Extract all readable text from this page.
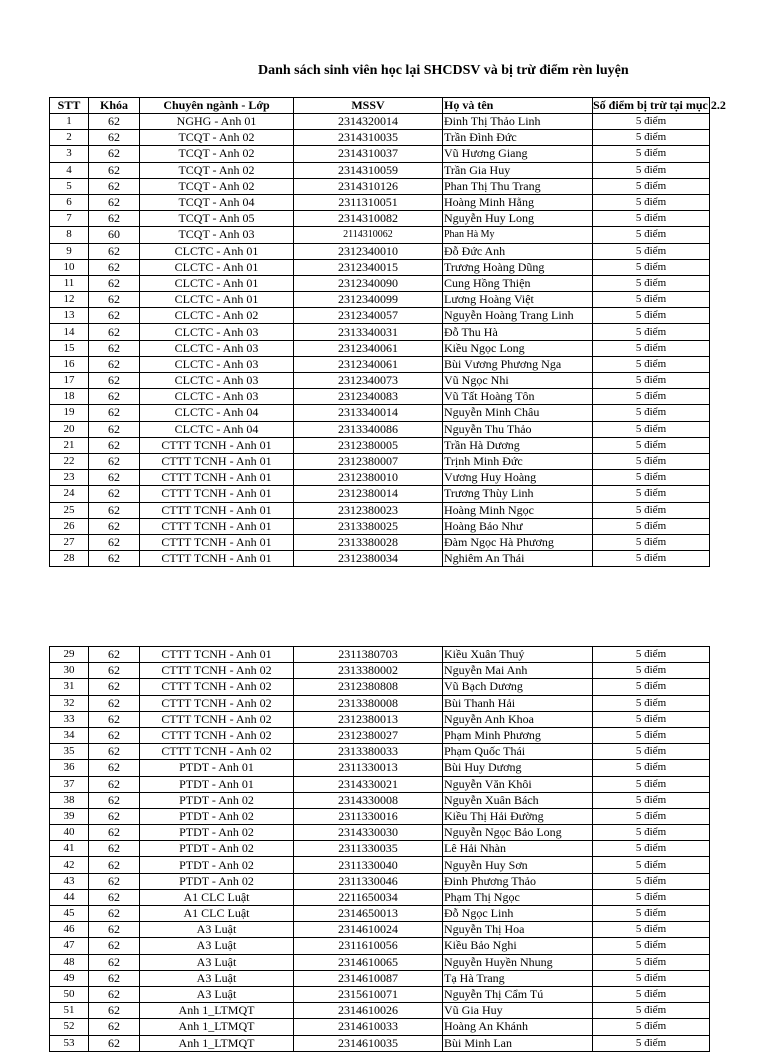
Danh sách sinh viên học lại SHCDSV và bị trừ điểm rèn luyện
STT	Khóa	Chuyên ngành - Lớp	MSSV	Họ và tên	Số điểm bị trừ tại mục 2.2
1	62	NGHG - Anh 01	2314320014	Đinh Thị Thảo Linh	5 điểm
2	62	TCQT - Anh 02	2314310035	Trần Đình Đức	5 điểm
3	62	TCQT - Anh 02	2314310037	Vũ Hương Giang	5 điểm
4	62	TCQT - Anh 02	2314310059	Trần Gia Huy	5 điểm
5	62	TCQT - Anh 02	2314310126	Phan Thị Thu Trang	5 điểm
6	62	TCQT - Anh 04	2311310051	Hoàng Minh Hằng	5 điểm
7	62	TCQT - Anh 05	2314310082	Nguyễn Huy Long	5 điểm
8	60	TCQT - Anh 03	2114310062	Phan Hà My	5 điểm
9	62	CLCTC - Anh 01	2312340010	Đỗ Đức Anh	5 điểm
10	62	CLCTC - Anh 01	2312340015	Trương Hoàng Dũng	5 điểm
11	62	CLCTC - Anh 01	2312340090	Cung Hồng Thiện	5 điểm
12	62	CLCTC - Anh 01	2312340099	Lương Hoàng Việt	5 điểm
13	62	CLCTC - Anh 02	2312340057	Nguyễn Hoàng Trang Linh	5 điểm
14	62	CLCTC - Anh 03	2313340031	Đỗ Thu Hà	5 điểm
15	62	CLCTC - Anh 03	2312340061	Kiều Ngọc Long	5 điểm
16	62	CLCTC - Anh 03	2312340061	Bùi Vương Phương Nga	5 điểm
17	62	CLCTC - Anh 03	2312340073	Vũ Ngọc Nhi	5 điểm
18	62	CLCTC - Anh 03	2312340083	Vũ Tất Hoàng Tôn	5 điểm
19	62	CLCTC - Anh 04	2313340014	Nguyễn Minh Châu	5 điểm
20	62	CLCTC - Anh 04	2313340086	Nguyễn Thu Thảo	5 điểm
21	62	CTTT TCNH - Anh 01	2312380005	Trần Hà Dương	5 điểm
22	62	CTTT TCNH - Anh 01	2312380007	Trịnh Minh Đức	5 điểm
23	62	CTTT TCNH - Anh 01	2312380010	Vương Huy Hoàng	5 điểm
24	62	CTTT TCNH - Anh 01	2312380014	Trương Thùy Linh	5 điểm
25	62	CTTT TCNH - Anh 01	2312380023	Hoàng Minh Ngọc	5 điểm
26	62	CTTT TCNH - Anh 01	2313380025	Hoàng Bảo Như	5 điểm
27	62	CTTT TCNH - Anh 01	2313380028	Đàm Ngọc Hà Phương	5 điểm
28	62	CTTT TCNH - Anh 01	2312380034	Nghiêm An Thái	5 điểm
29	62	CTTT TCNH - Anh 01	2311380703	Kiều Xuân Thuý	5 điểm
30	62	CTTT TCNH - Anh 02	2313380002	Nguyễn Mai Anh	5 điểm
31	62	CTTT TCNH - Anh 02	2312380808	Vũ Bạch Dương	5 điểm
32	62	CTTT TCNH - Anh 02	2313380008	Bùi Thanh Hải	5 điểm
33	62	CTTT TCNH - Anh 02	2312380013	Nguyễn Anh Khoa	5 điểm
34	62	CTTT TCNH - Anh 02	2312380027	Phạm Minh Phương	5 điểm
35	62	CTTT TCNH - Anh 02	2313380033	Phạm Quốc Thái	5 điểm
36	62	PTDT - Anh 01	2311330013	Bùi Huy Dương	5 điểm
37	62	PTDT - Anh 01	2314330021	Nguyễn Văn Khôi	5 điểm
38	62	PTDT - Anh 02	2314330008	Nguyễn Xuân Bách	5 điểm
39	62	PTDT - Anh 02	2311330016	Kiều Thị Hải Đường	5 điểm
40	62	PTDT - Anh 02	2314330030	Nguyễn Ngọc Bảo Long	5 điểm
41	62	PTDT - Anh 02	2311330035	Lê Hải Nhàn	5 điểm
42	62	PTDT - Anh 02	2311330040	Nguyễn Huy Sơn	5 điểm
43	62	PTDT - Anh 02	2311330046	Đinh Phương Thảo	5 điểm
44	62	A1 CLC Luật	2211650034	Phạm Thị Ngọc	5 điểm
45	62	A1 CLC Luật	2314650013	Đỗ Ngọc Linh	5 điểm
46	62	A3 Luật	2314610024	Nguyễn Thị Hoa	5 điểm
47	62	A3 Luật	2311610056	Kiều Bảo Nghi	5 điểm
48	62	A3 Luật	2314610065	Nguyễn Huyền Nhung	5 điểm
49	62	A3 Luật	2314610087	Tạ Hà Trang	5 điểm
50	62	A3 Luật	2315610071	Nguyễn Thị Cẩm Tú	5 điểm
51	62	Anh 1_LTMQT	2314610026	Vũ Gia Huy	5 điểm
52	62	Anh 1_LTMQT	2314610033	Hoàng An Khánh	5 điểm
53	62	Anh 1_LTMQT	2314610035	Bùi Minh Lan	5 điểm
